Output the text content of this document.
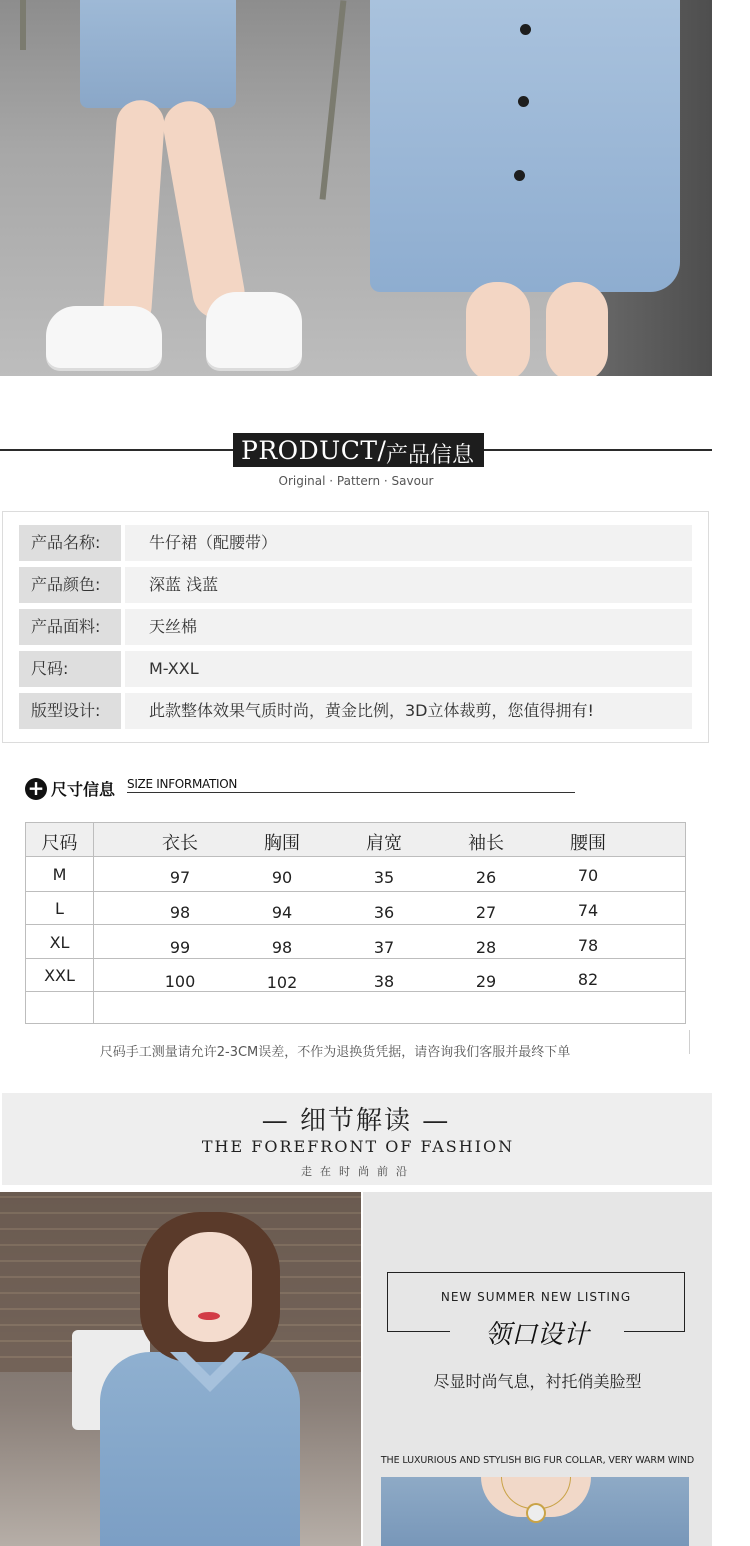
PRODUCT/ 产品信息
Original · Pattern · Savour
产品名称:	牛仔裙（配腰带）
产品颜色:	深蓝 浅蓝
产品面料:	天丝棉
尺码:	M-XXL
版型设计:	此款整体效果气质时尚，黄金比例，3D立体裁剪，您值得拥有!
+ 尺寸信息 SIZE INFORMATION
尺码	衣长	胸围	肩宽	袖长	腰围
M	97	90	35	26	70
L	98	94	36	27	74
XL	99	98	37	28	78
XXL	100	102	38	29	82
尺码手工测量请允许2-3CM误差，不作为退换货凭据，请咨询我们客服并最终下单
— 细节解读 —
THE FOREFRONT OF FASHION
走在时尚前沿
NEW SUMMER NEW LISTING
领口设计
尽显时尚气息，衬托俏美脸型
THE LUXURIOUS AND STYLISH BIG FUR COLLAR, VERY WARM WIND
